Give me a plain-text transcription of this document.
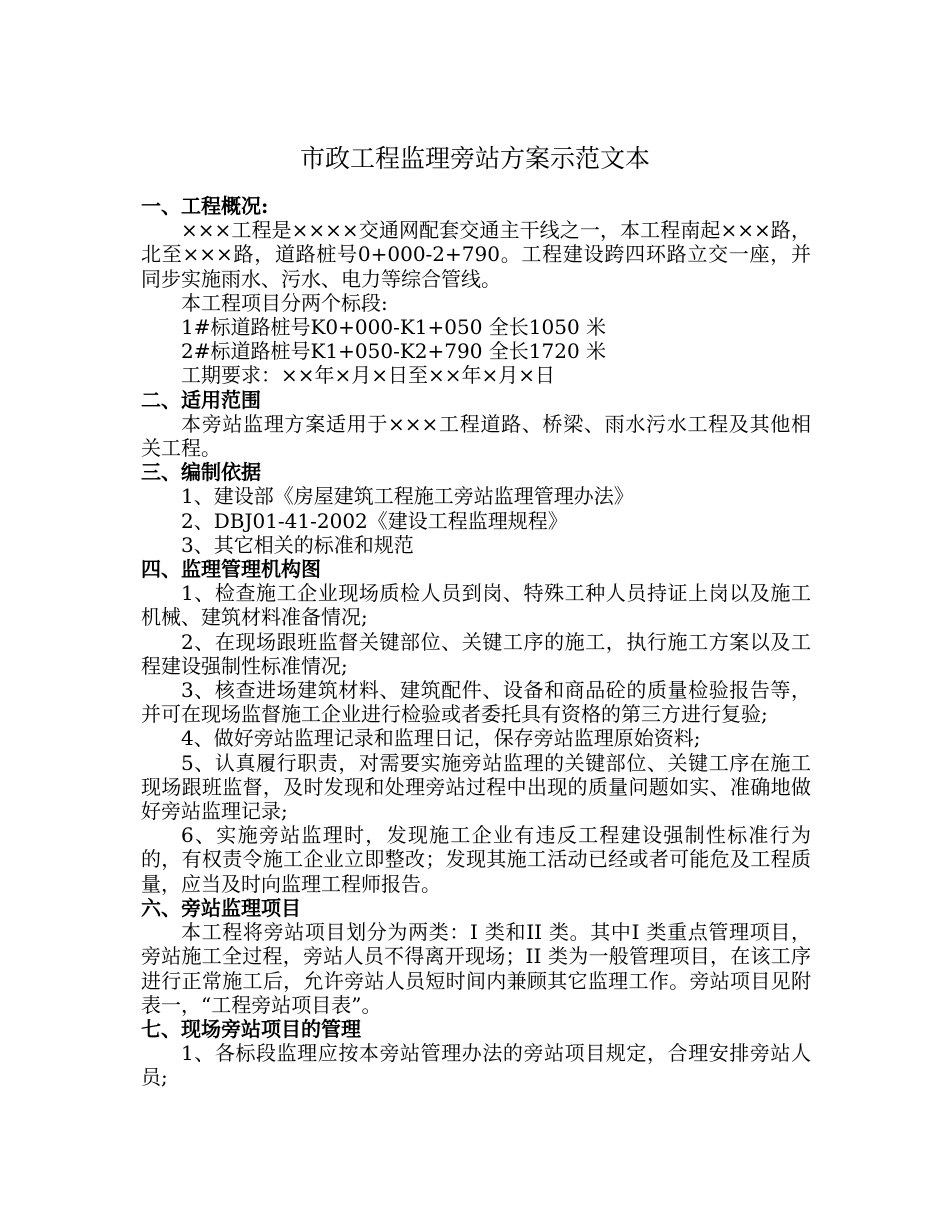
市政工程监理旁站方案示范文本
一、工程概况:
×××工程是××××交通网配套交通主干线之一，本工程南起×××路，北至×××路，道路桩号0+000-2+790。工程建设跨四环路立交一座，并同步实施雨水、污水、电力等综合管线。
本工程项目分两个标段:
1#标道路桩号K0+000-K1+050 全长1050 米
2#标道路桩号K1+050-K2+790 全长1720 米
工期要求：××年×月×日至××年×月×日
二、适用范围
本旁站监理方案适用于×××工程道路、桥梁、雨水污水工程及其他相关工程。
三、编制依据
1、建设部《房屋建筑工程施工旁站监理管理办法》
2、DBJ01-41-2002《建设工程监理规程》
3、其它相关的标准和规范
四、监理管理机构图
1、检查施工企业现场质检人员到岗、特殊工种人员持证上岗以及施工机械、建筑材料准备情况;
2、在现场跟班监督关键部位、关键工序的施工，执行施工方案以及工程建设强制性标准情况;
3、核查进场建筑材料、建筑配件、设备和商品砼的质量检验报告等，并可在现场监督施工企业进行检验或者委托具有资格的第三方进行复验;
4、做好旁站监理记录和监理日记，保存旁站监理原始资料;
5、认真履行职责，对需要实施旁站监理的关键部位、关键工序在施工现场跟班监督，及时发现和处理旁站过程中出现的质量问题如实、准确地做好旁站监理记录;
6、实施旁站监理时，发现施工企业有违反工程建设强制性标准行为的，有权责令施工企业立即整改；发现其施工活动已经或者可能危及工程质量，应当及时向监理工程师报告。
六、旁站监理项目
本工程将旁站项目划分为两类：I 类和II 类。其中I 类重点管理项目，旁站施工全过程，旁站人员不得离开现场；II 类为一般管理项目，在该工序进行正常施工后，允许旁站人员短时间内兼顾其它监理工作。旁站项目见附表一，“工程旁站项目表”。
七、现场旁站项目的管理
1、各标段监理应按本旁站管理办法的旁站项目规定，合理安排旁站人员;
